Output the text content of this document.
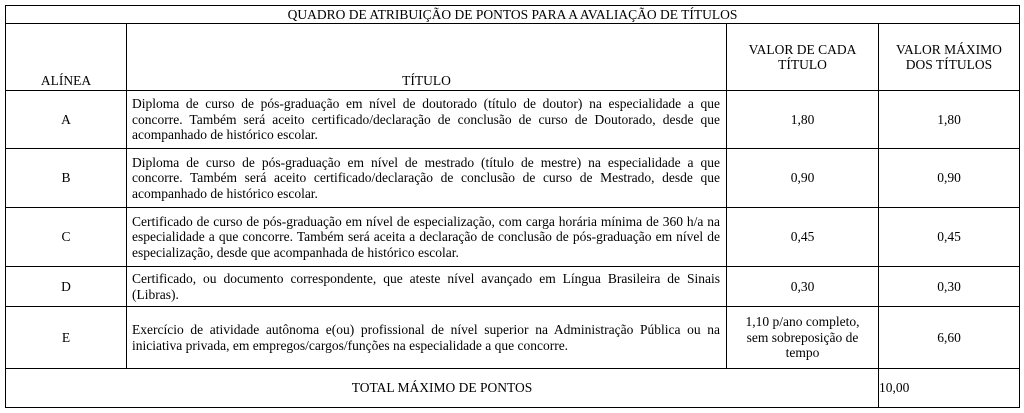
QUADRO DE ATRIBUIÇÃO DE PONTOS PARA A AVALIAÇÃO DE TÍTULOS			
ALÍNEA	TÍTULO	VALOR DE CADA TÍTULO	VALOR MÁXIMO DOS TÍTULOS
A	Diploma de curso de pós-graduação em nível de doutorado (título de doutor) na especialidade a que concorre. Também será aceito certificado/declaração de conclusão de curso de Doutorado, desde que acompanhado de histórico escolar.	1,80	1,80
B	Diploma de curso de pós-graduação em nível de mestrado (título de mestre) na especialidade a que concorre. Também será aceito certificado/declaração de conclusão de curso de Mestrado, desde que acompanhado de histórico escolar.	0,90	0,90
C	Certificado de curso de pós-graduação em nível de especialização, com carga horária mínima de 360 h/a na especialidade a que concorre. Também será aceita a declaração de conclusão de pós-graduação em nível de especialização, desde que acompanhada de histórico escolar.	0,45	0,45
D	Certificado, ou documento correspondente, que ateste nível avançado em Língua Brasileira de Sinais (Libras).	0,30	0,30
E	Exercício de atividade autônoma e(ou) profissional de nível superior na Administração Pública ou na iniciativa privada, em empregos/cargos/funções na especialidade a que concorre.	1,10 p/ano completo, sem sobreposição de tempo	6,60
TOTAL MÁXIMO DE PONTOS			10,00
